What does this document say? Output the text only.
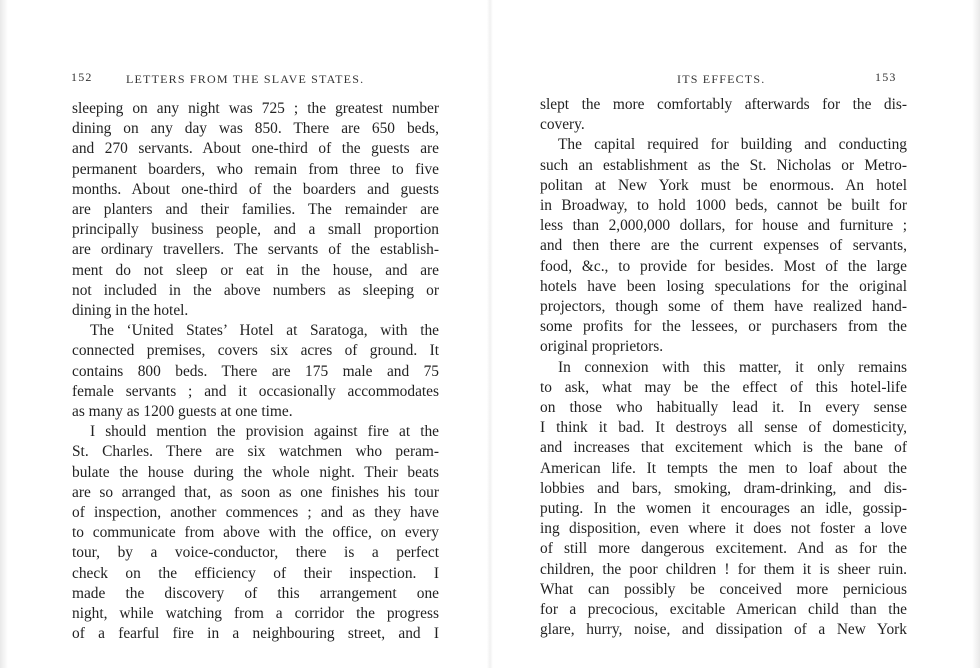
152	LETTERS FROM THE SLAVE STATES.
sleeping on any night was 725 ; the greatest number
dining on any day was 850. There are 650 beds,
and 270 servants. About one-third of the guests are
permanent boarders, who remain from three to five
months. About one-third of the boarders and guests
are planters and their families. The remainder are
principally business people, and a small proportion
are ordinary travellers. The servants of the establish-
ment do not sleep or eat in the house, and are
not included in the above numbers as sleeping or
dining in the hotel.
The ‘United States’ Hotel at Saratoga, with the
connected premises, covers six acres of ground. It
contains 800 beds. There are 175 male and 75
female servants ; and it occasionally accommodates
as many as 1200 guests at one time.
I should mention the provision against fire at the
St. Charles. There are six watchmen who peram-
bulate the house during the whole night. Their beats
are so arranged that, as soon as one finishes his tour
of inspection, another commences ; and as they have
to communicate from above with the office, on every
tour, by a voice-conductor, there is a perfect
check on the efficiency of their inspection. I
made the discovery of this arrangement one
night, while watching from a corridor the progress
of a fearful fire in a neighbouring street, and I
ITS EFFECTS.	153
slept the more comfortably afterwards for the dis-
covery.
The capital required for building and conducting
such an establishment as the St. Nicholas or Metro-
politan at New York must be enormous. An hotel
in Broadway, to hold 1000 beds, cannot be built for
less than 2,000,000 dollars, for house and furniture ;
and then there are the current expenses of servants,
food, &c., to provide for besides. Most of the large
hotels have been losing speculations for the original
projectors, though some of them have realized hand-
some profits for the lessees, or purchasers from the
original proprietors.
In connexion with this matter, it only remains
to ask, what may be the effect of this hotel-life
on those who habitually lead it. In every sense
I think it bad. It destroys all sense of domesticity,
and increases that excitement which is the bane of
American life. It tempts the men to loaf about the
lobbies and bars, smoking, dram-drinking, and dis-
puting. In the women it encourages an idle, gossip-
ing disposition, even where it does not foster a love
of still more dangerous excitement. And as for the
children, the poor children ! for them it is sheer ruin.
What can possibly be conceived more pernicious
for a precocious, excitable American child than the
glare, hurry, noise, and dissipation of a New York
